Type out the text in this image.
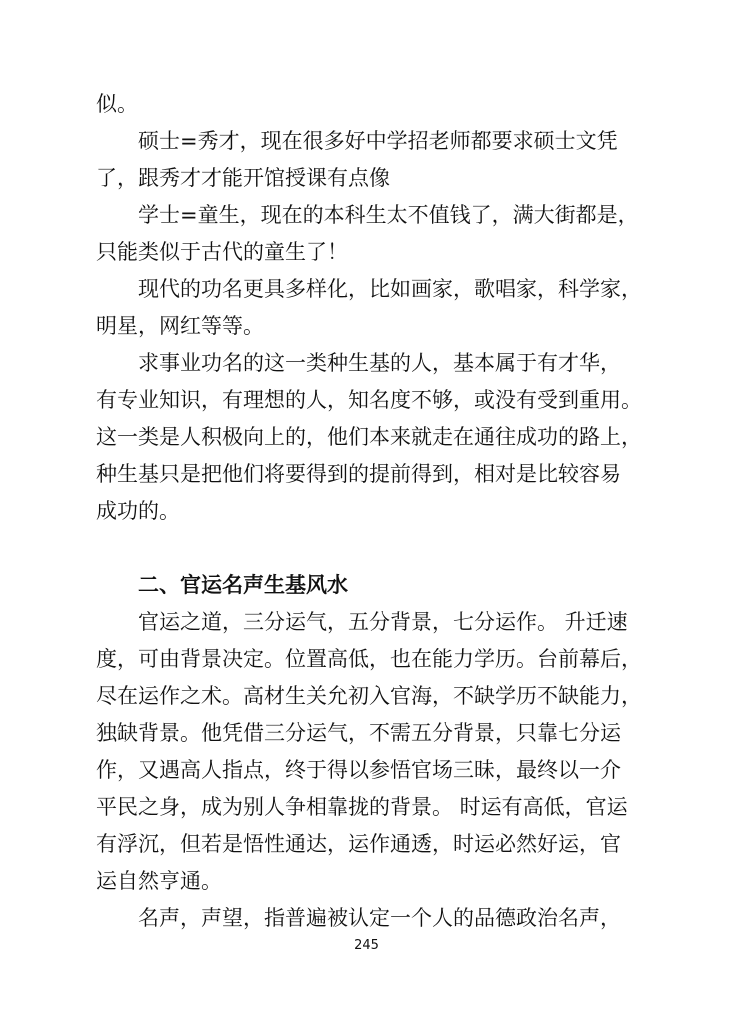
似。
硕士=秀才，现在很多好中学招老师都要求硕士文凭
了，跟秀才才能开馆授课有点像
学士=童生，现在的本科生太不值钱了，满大街都是，
只能类似于古代的童生了！
现代的功名更具多样化，比如画家，歌唱家，科学家，
明星，网红等等。
求事业功名的这一类种生基的人，基本属于有才华，
有专业知识，有理想的人，知名度不够，或没有受到重用。
这一类是人积极向上的，他们本来就走在通往成功的路上，
种生基只是把他们将要得到的提前得到，相对是比较容易
成功的。
二、官运名声生基风水
官运之道，三分运气，五分背景，七分运作。 升迁速
度，可由背景决定。位置高低，也在能力学历。台前幕后，
尽在运作之术。高材生关允初入官海，不缺学历不缺能力，
独缺背景。他凭借三分运气，不需五分背景，只靠七分运
作，又遇高人指点，终于得以参悟官场三昧，最终以一介
平民之身，成为别人争相靠拢的背景。 时运有高低，官运
有浮沉，但若是悟性通达，运作通透，时运必然好运，官
运自然亨通。
名声，声望，指普遍被认定一个人的品德政治名声，
245
